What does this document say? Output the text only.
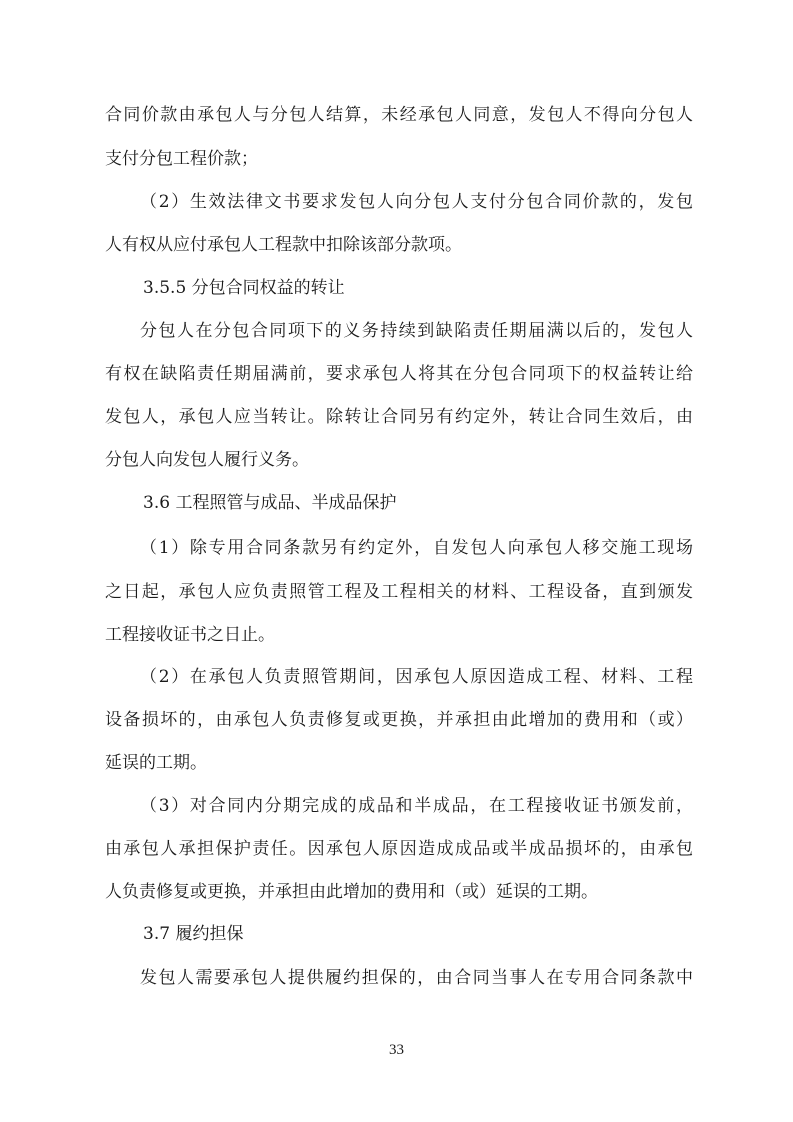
合同价款由承包人与分包人结算，未经承包人同意，发包人不得向分包人
支付分包工程价款；
（2）生效法律文书要求发包人向分包人支付分包合同价款的，发包
人有权从应付承包人工程款中扣除该部分款项。
3.5.5 分包合同权益的转让
分包人在分包合同项下的义务持续到缺陷责任期届满以后的，发包人
有权在缺陷责任期届满前，要求承包人将其在分包合同项下的权益转让给
发包人，承包人应当转让。除转让合同另有约定外，转让合同生效后，由
分包人向发包人履行义务。
3.6 工程照管与成品、半成品保护
（1）除专用合同条款另有约定外，自发包人向承包人移交施工现场
之日起，承包人应负责照管工程及工程相关的材料、工程设备，直到颁发
工程接收证书之日止。
（2）在承包人负责照管期间，因承包人原因造成工程、材料、工程
设备损坏的，由承包人负责修复或更换，并承担由此增加的费用和（或）
延误的工期。
（3）对合同内分期完成的成品和半成品，在工程接收证书颁发前，
由承包人承担保护责任。因承包人原因造成成品或半成品损坏的，由承包
人负责修复或更换，并承担由此增加的费用和（或）延误的工期。
3.7 履约担保
发包人需要承包人提供履约担保的，由合同当事人在专用合同条款中
33
